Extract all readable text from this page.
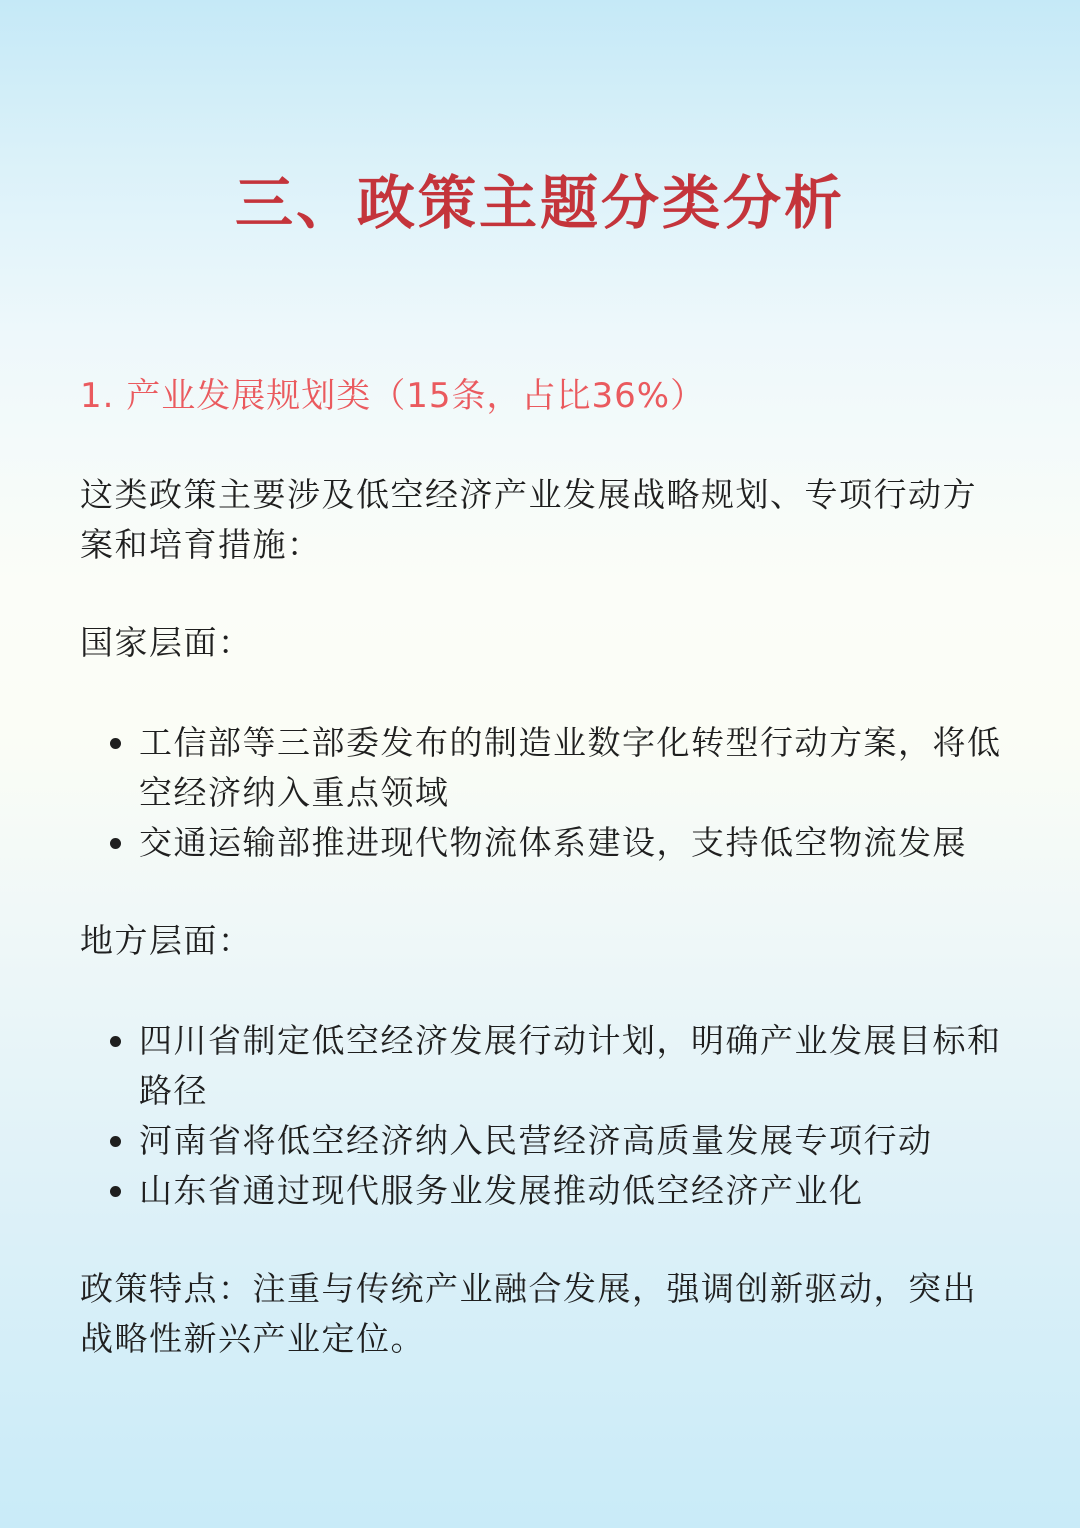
三、政策主题分类分析
1. 产业发展规划类（15条，占比36%）
这类政策主要涉及低空经济产业发展战略规划、专项行动方案和培育措施：
国家层面：
工信部等三部委发布的制造业数字化转型行动方案，将低空经济纳入重点领域
交通运输部推进现代物流体系建设，支持低空物流发展
地方层面：
四川省制定低空经济发展行动计划，明确产业发展目标和路径
河南省将低空经济纳入民营经济高质量发展专项行动
山东省通过现代服务业发展推动低空经济产业化
政策特点：注重与传统产业融合发展，强调创新驱动，突出战略性新兴产业定位。
